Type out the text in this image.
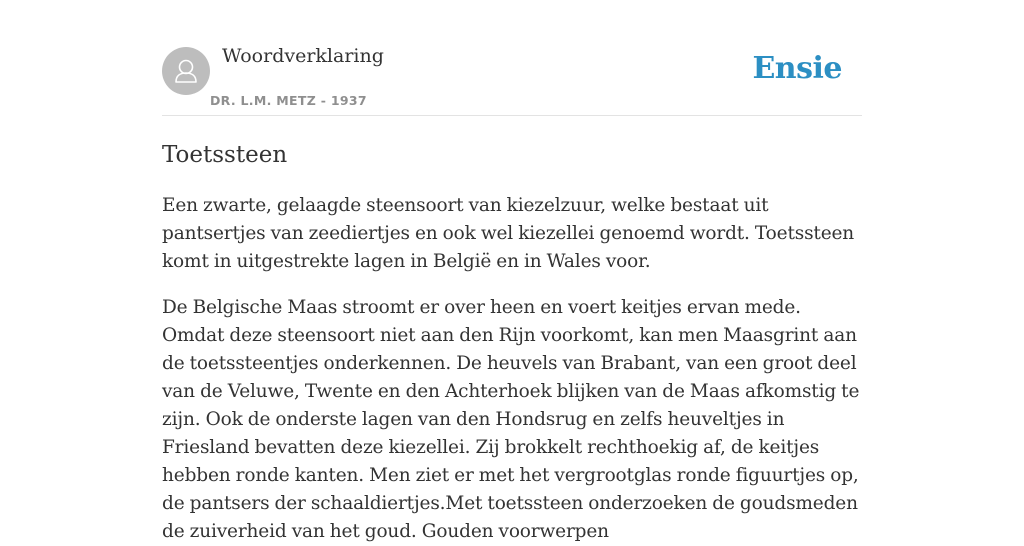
Woordverklaring
DR. L.M. METZ - 1937
Ensie
Toetssteen

Een zwarte, gelaagde steensoort van kiezelzuur, welke bestaat uit pantsertjes van zeediertjes en ook wel kiezellei genoemd wordt. Toetssteen komt in uitgestrekte lagen in België en in Wales voor.

De Belgische Maas stroomt er over heen en voert keitjes ervan mede. Omdat deze steensoort niet aan den Rijn voorkomt, kan men Maasgrint aan de toetssteentjes onderkennen. De heuvels van Brabant, van een groot deel van de Veluwe, Twente en den Achterhoek blijken van de Maas afkomstig te zijn. Ook de onderste lagen van den Hondsrug en zelfs heuveltjes in Friesland bevatten deze kiezellei. Zij brokkelt rechthoekig af, de keitjes hebben ronde kanten. Men ziet er met het vergrootglas ronde figuurtjes op, de pantsers der schaaldiertjes.Met toetssteen onderzoeken de goudsmeden de zuiverheid van het goud. Gouden voorwerpen
